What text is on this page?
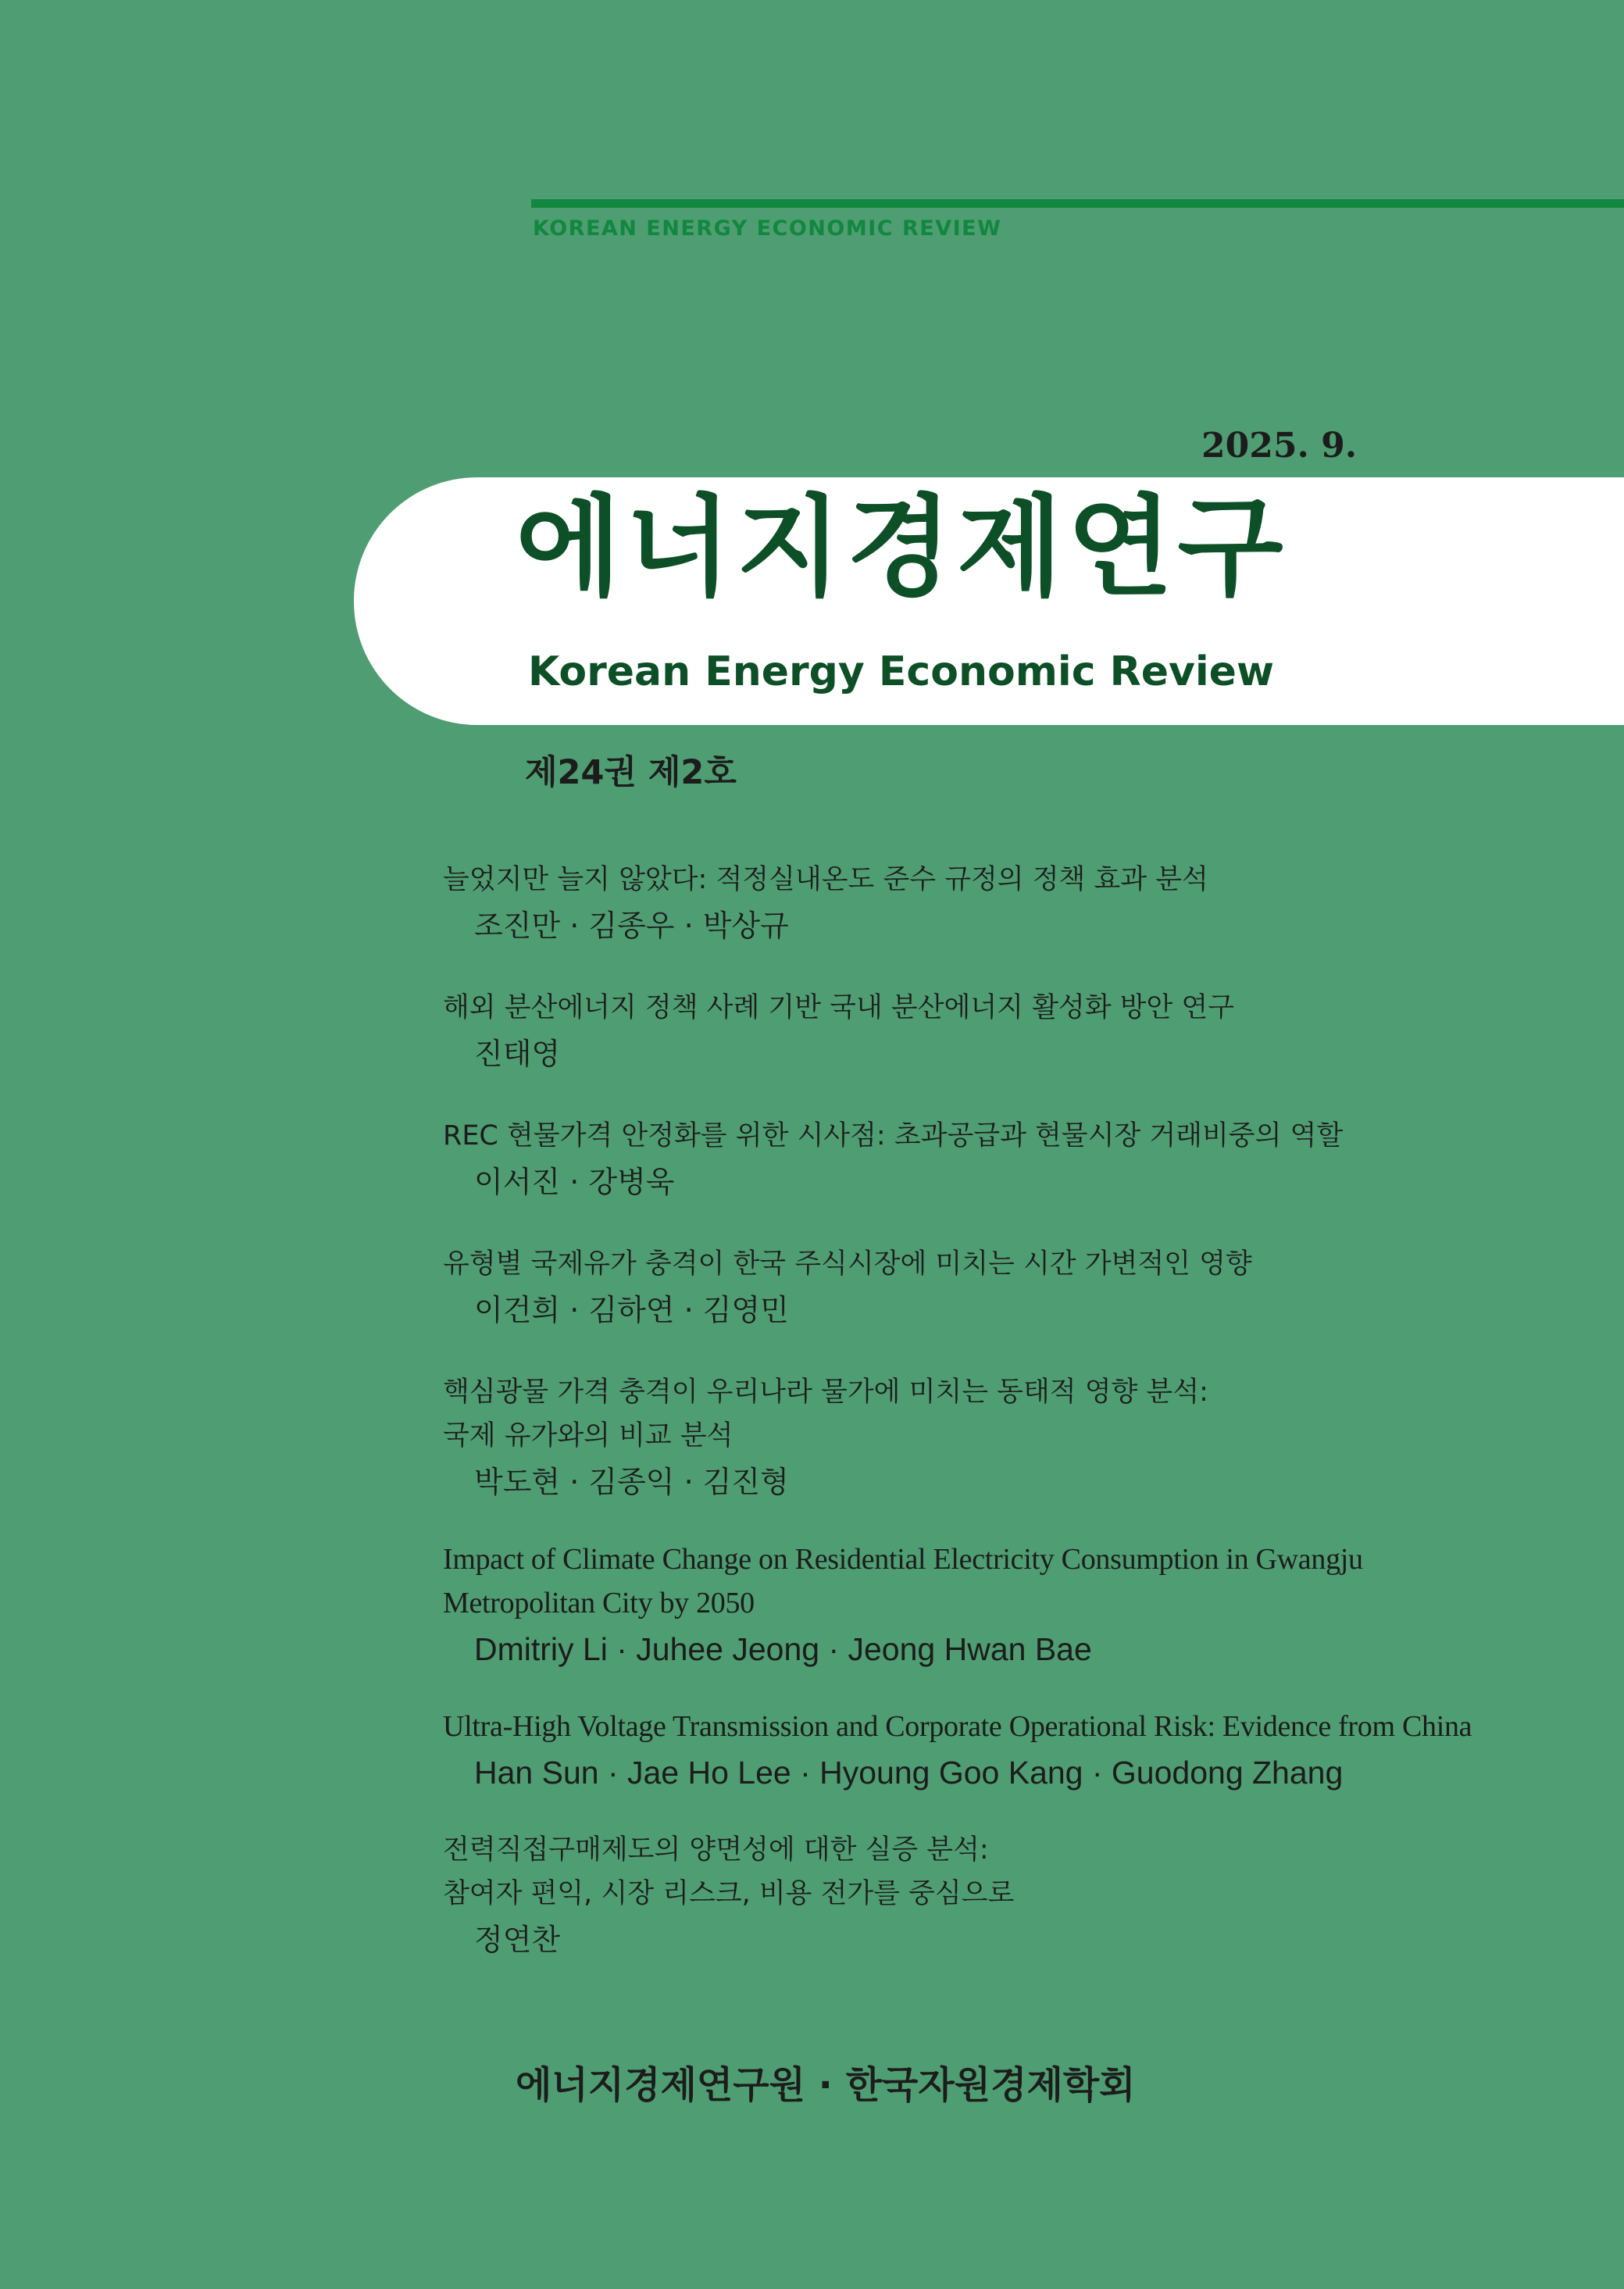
KOREAN ENERGY ECONOMIC REVIEW
2025. 9.
에너지경제연구
Korean Energy Economic Review
제24권 제2호
늘었지만 늘지 않았다: 적정실내온도 준수 규정의 정책 효과 분석
조진만 · 김종우 · 박상규
해외 분산에너지 정책 사례 기반 국내 분산에너지 활성화 방안 연구
진태영
REC 현물가격 안정화를 위한 시사점: 초과공급과 현물시장 거래비중의 역할
이서진 · 강병욱
유형별 국제유가 충격이 한국 주식시장에 미치는 시간 가변적인 영향
이건희 · 김하연 · 김영민
핵심광물 가격 충격이 우리나라 물가에 미치는 동태적 영향 분석:
국제 유가와의 비교 분석
박도현 · 김종익 · 김진형
Impact of Climate Change on Residential Electricity Consumption in Gwangju
Metropolitan City by 2050
Dmitriy Li · Juhee Jeong · Jeong Hwan Bae
Ultra-High Voltage Transmission and Corporate Operational Risk: Evidence from China
Han Sun · Jae Ho Lee · Hyoung Goo Kang · Guodong Zhang
전력직접구매제도의 양면성에 대한 실증 분석:
참여자 편익, 시장 리스크, 비용 전가를 중심으로
정연찬
에너지경제연구원 · 한국자원경제학회
